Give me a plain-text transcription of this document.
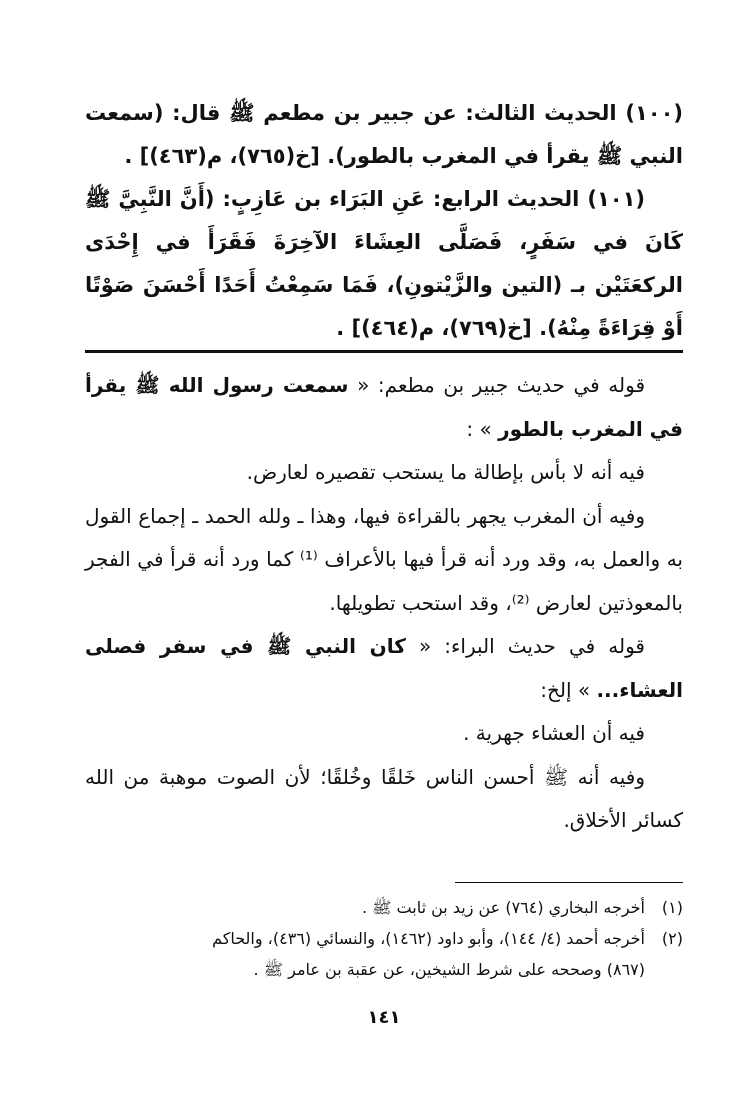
(١٠٠) الحديث الثالث: عن جبير بن مطعم ﷺ قال: (سمعت النبي ﷺ يقرأ في المغرب بالطور). [خ(٧٦٥)، م(٤٦٣)] .

(١٠١) الحديث الرابع: عَنِ البَرَاء بن عَازِبٍ: (أَنَّ النَّبِيَّ ﷺ كَانَ في سَفَرٍ، فَصَلَّى العِشَاءَ الآخِرَةَ فَقَرَأَ في إِحْدَى الركعَتَيْن بـ (التين والزَّيْتونِ)، فَمَا سَمِعْتُ أَحَدًا أَحْسَنَ صَوْتًا أَوْ قِرَاءَةً مِنْهُ). [خ(٧٦٩)، م(٤٦٤)] .

قوله في حديث جبير بن مطعم: « سمعت رسول الله ﷺ يقرأ في المغرب بالطور » :

فيه أنه لا بأس بإطالة ما يستحب تقصيره لعارض.

وفيه أن المغرب يجهر بالقراءة فيها، وهذا ـ ولله الحمد ـ إجماع القول به والعمل به، وقد ورد أنه قرأ فيها بالأعراف ⁽¹⁾ كما ورد أنه قرأ في الفجر بالمعوذتين لعارض ⁽²⁾، وقد استحب تطويلها.

قوله في حديث البراء: « كان النبي ﷺ في سفر فصلى العشاء... » إلخ:

فيه أن العشاء جهرية .

وفيه أنه ﷺ أحسن الناس خَلقًا وخُلقًا؛ لأن الصوت موهبة من الله كسائر الأخلاق.

(١)
أخرجه البخاري (٧٦٤) عن زيد بن ثابت ﷺ .
(٢)
أخرجه أحمد (٤/ ١٤٤)، وأبو داود (١٤٦٢)، والنسائي (٤٣٦)، والحاكم

(٨٦٧) وصححه على شرط الشيخين، عن عقبة بن عامر ﷺ .

١٤١
